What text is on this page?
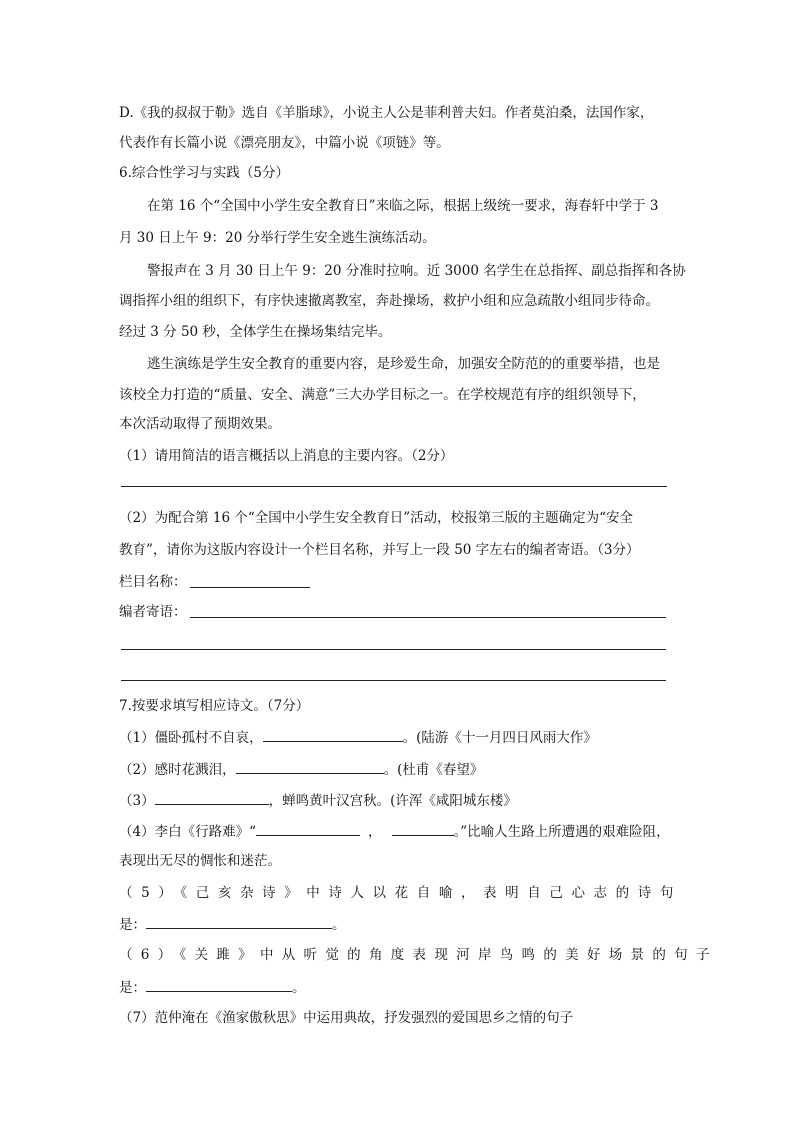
D.《我的叔叔于勒》选自《羊脂球》，小说主人公是菲利普夫妇。作者莫泊桑，法国作家，
代表作有长篇小说《漂亮朋友》，中篇小说《项链》等。
6.综合性学习与实践（5分）
在第 16 个“全国中小学生安全教育日”来临之际，根据上级统一要求，海春轩中学于 3
月 30 日上午 9：20 分举行学生安全逃生演练活动。
警报声在 3 月 30 日上午 9：20 分准时拉响。近 3000 名学生在总指挥、副总指挥和各协
调指挥小组的组织下，有序快速撤离教室，奔赴操场，救护小组和应急疏散小组同步待命。
经过 3 分 50 秒，全体学生在操场集结完毕。
逃生演练是学生安全教育的重要内容，是珍爱生命，加强安全防范的的重要举措，也是
该校全力打造的“质量、安全、满意”三大办学目标之一。在学校规范有序的组织领导下，
本次活动取得了预期效果。
（1）请用简洁的语言概括以上消息的主要内容。（2分）
（2）为配合第 16 个“全国中小学生安全教育日”活动，校报第三版的主题确定为“安全
教育”，请你为这版内容设计一个栏目名称，并写上一段 50 字左右的编者寄语。（3分）
栏目名称：
编者寄语：
7.按要求填写相应诗文。（7分）
（1）僵卧孤村不自哀，	。(陆游《十一月四日风雨大作》
（2）感时花溅泪，	。(杜甫《春望》
（3）	，蝉鸣黄叶汉宫秋。(许浑《咸阳城东楼》
（4）李白《行路难》“	，	。”比喻人生路上所遭遇的艰难险阻，
表现出无尽的惆怅和迷茫。
（5）《己亥杂诗》中诗人以花自喻，表明自己心志的诗句
是：	。
（6）《关雎》中从听觉的角度表现河岸鸟鸣的美好场景的句子
是：	。
（7）范仲淹在《渔家傲秋思》中运用典故，抒发强烈的爱国思乡之情的句子
